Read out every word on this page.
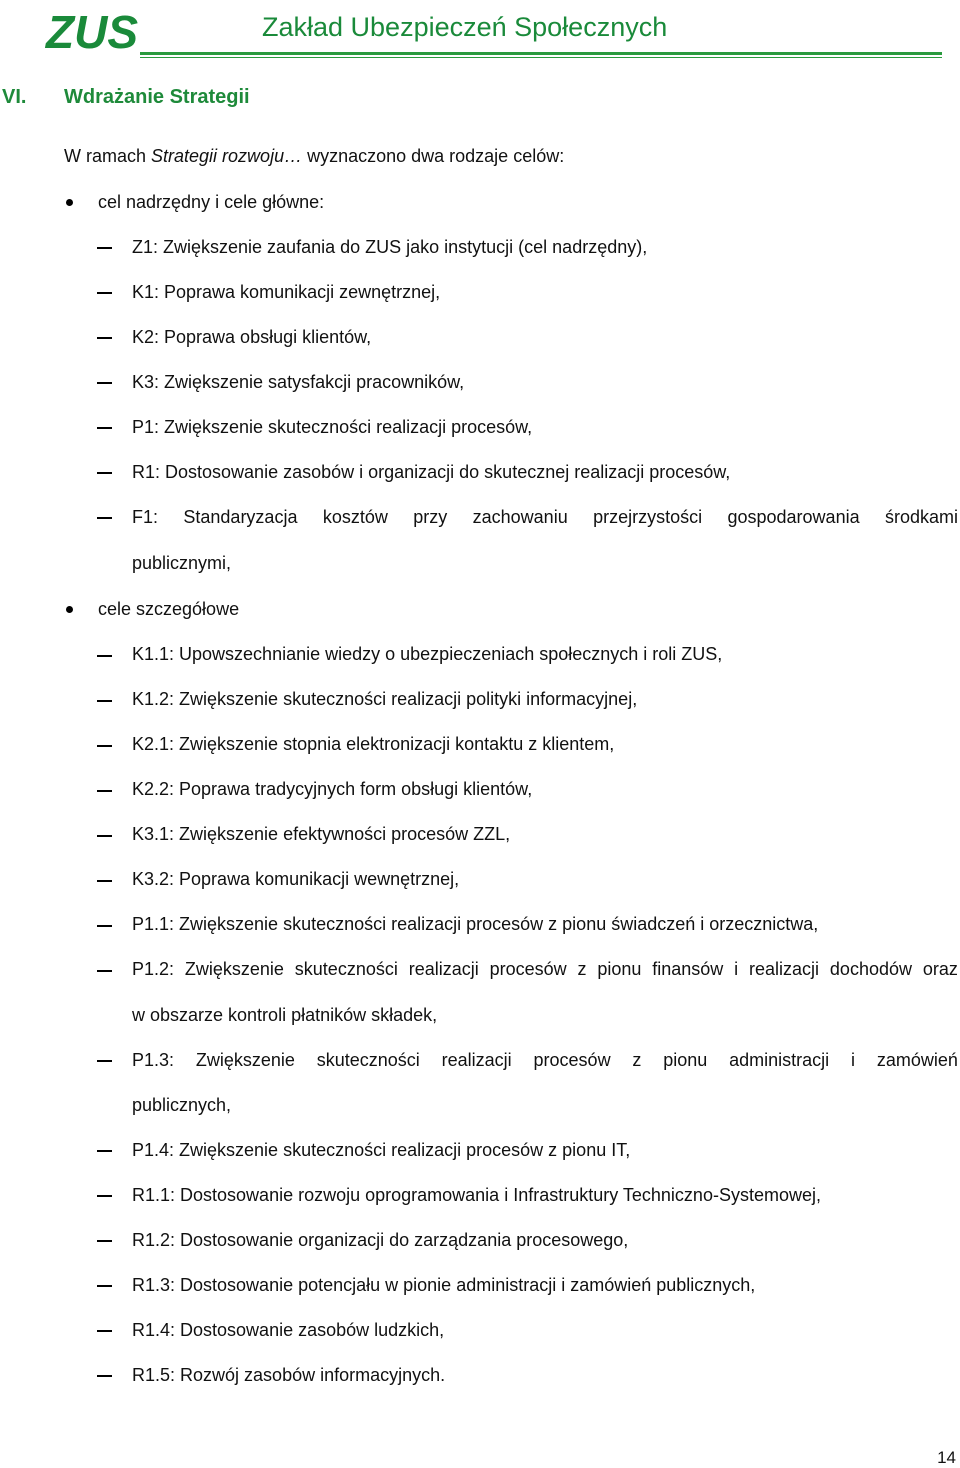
ZUS	Zakład Ubezpieczeń Społecznych
VI. Wdrażanie Strategii
W ramach Strategii rozwoju… wyznaczono dwa rodzaje celów:
cel nadrzędny i cele główne:
Z1: Zwiększenie zaufania do ZUS jako instytucji (cel nadrzędny),
K1: Poprawa komunikacji zewnętrznej,
K2: Poprawa obsługi klientów,
K3: Zwiększenie satysfakcji pracowników,
P1: Zwiększenie skuteczności realizacji procesów,
R1: Dostosowanie zasobów i organizacji do skutecznej realizacji procesów,
F1: Standaryzacja kosztów przy zachowaniu przejrzystości gospodarowania środkami
publicznymi,
cele szczegółowe
K1.1: Upowszechnianie wiedzy o ubezpieczeniach społecznych i roli ZUS,
K1.2: Zwiększenie skuteczności realizacji polityki informacyjnej,
K2.1: Zwiększenie stopnia elektronizacji kontaktu z klientem,
K2.2: Poprawa tradycyjnych form obsługi klientów,
K3.1: Zwiększenie efektywności procesów ZZL,
K3.2: Poprawa komunikacji wewnętrznej,
P1.1: Zwiększenie skuteczności realizacji procesów z pionu świadczeń i orzecznictwa,
P1.2: Zwiększenie skuteczności realizacji procesów z pionu finansów i realizacji dochodów oraz
w obszarze kontroli płatników składek,
P1.3: Zwiększenie skuteczności realizacji procesów z pionu administracji i zamówień
publicznych,
P1.4: Zwiększenie skuteczności realizacji procesów z pionu IT,
R1.1: Dostosowanie rozwoju oprogramowania i Infrastruktury Techniczno-Systemowej,
R1.2: Dostosowanie organizacji do zarządzania procesowego,
R1.3: Dostosowanie potencjału w pionie administracji i zamówień publicznych,
R1.4: Dostosowanie zasobów ludzkich,
R1.5: Rozwój zasobów informacyjnych.
14
